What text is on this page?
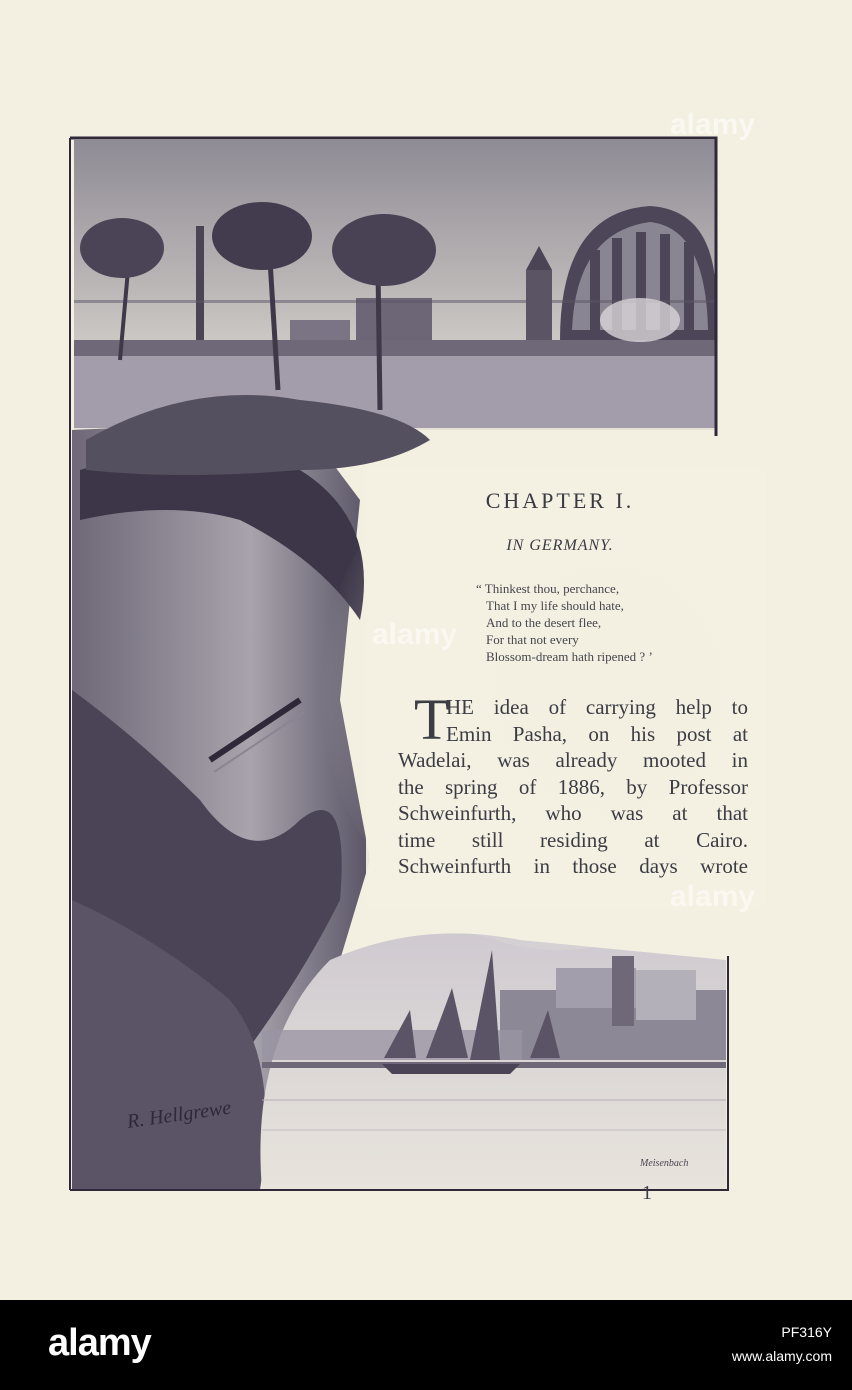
R. Hellgrewe
Meisenbach
alamy
alamy
alamy
CHAPTER I.
IN GERMANY.
“ Thinkest thou, perchance,
That I my life should hate,
And to the desert flee,
For that not every
Blossom-dream hath ripened ? ’
T
HE idea of carrying help to
Emin Pasha, on his post at
Wadelai, was already mooted in
the spring of 1886, by Professor
Schweinfurth, who was at that
time still residing at Cairo.
Schweinfurth in those days wrote
1
alamy	PF316Y
www.alamy.com
